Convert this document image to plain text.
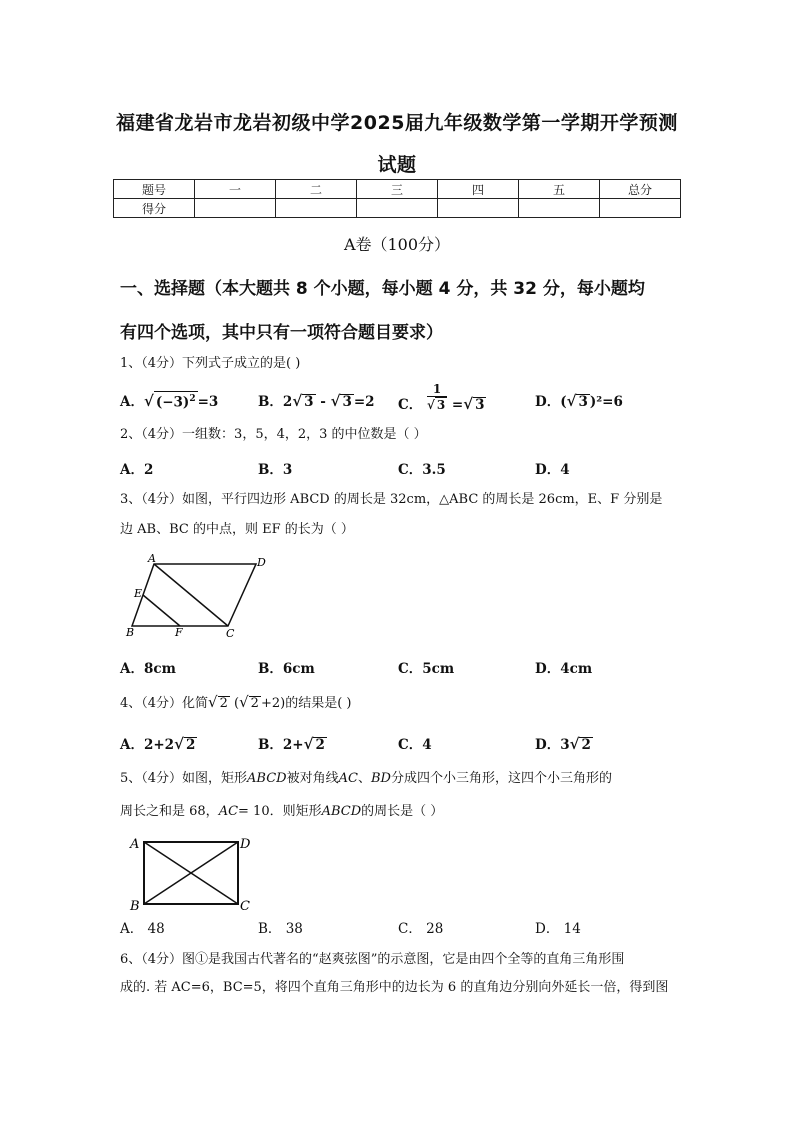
福建省龙岩市龙岩初级中学2025届九年级数学第一学期开学预测
试题
题号	一	二	三	四	五	总分
得分						
A卷（100分）
一、选择题（本大题共 8 个小题，每小题 4 分，共 32 分，每小题均
有四个选项，其中只有一项符合题目要求）
1、（4分）下列式子成立的是( )
A．√ $(-3)^2 =3$	B．2√ 3 - √ 3 =2 C． $\frac{1}{√ 3}$ =√ 3	D．(√ 3 )²=6
2、（4分）一组数：3，5，4，2，3 的中位数是（ ）
A．2	B．3	C．3.5	D．4
3、（4分）如图，平行四边形 ABCD 的周长是 32cm，△ABC 的周长是 26cm，E、F 分别是
边 AB、BC 的中点，则 EF 的长为（ ）
A	D
E
B	F	C
A．8cm	B．6cm	C．5cm	D．4cm
4、（4分）化简√ 2 (√ 2 +2)的结果是( )
A．2+2√ 2	B．2+√ 2	C．4	D．3√ 2
5、（4分）如图，矩形ABCD被对角线AC、BD分成四个小三角形，这四个小三角形的
周长之和是 68，AC= 10．则矩形ABCD的周长是（ ）
A	D
B	C
A． 48	B． 38	C． 28	D． 14
6、（4分）图①是我国古代著名的“赵爽弦图”的示意图，它是由四个全等的直角三角形围
成的. 若 AC=6，BC=5，将四个直角三角形中的边长为 6 的直角边分别向外延长一倍，得到图
